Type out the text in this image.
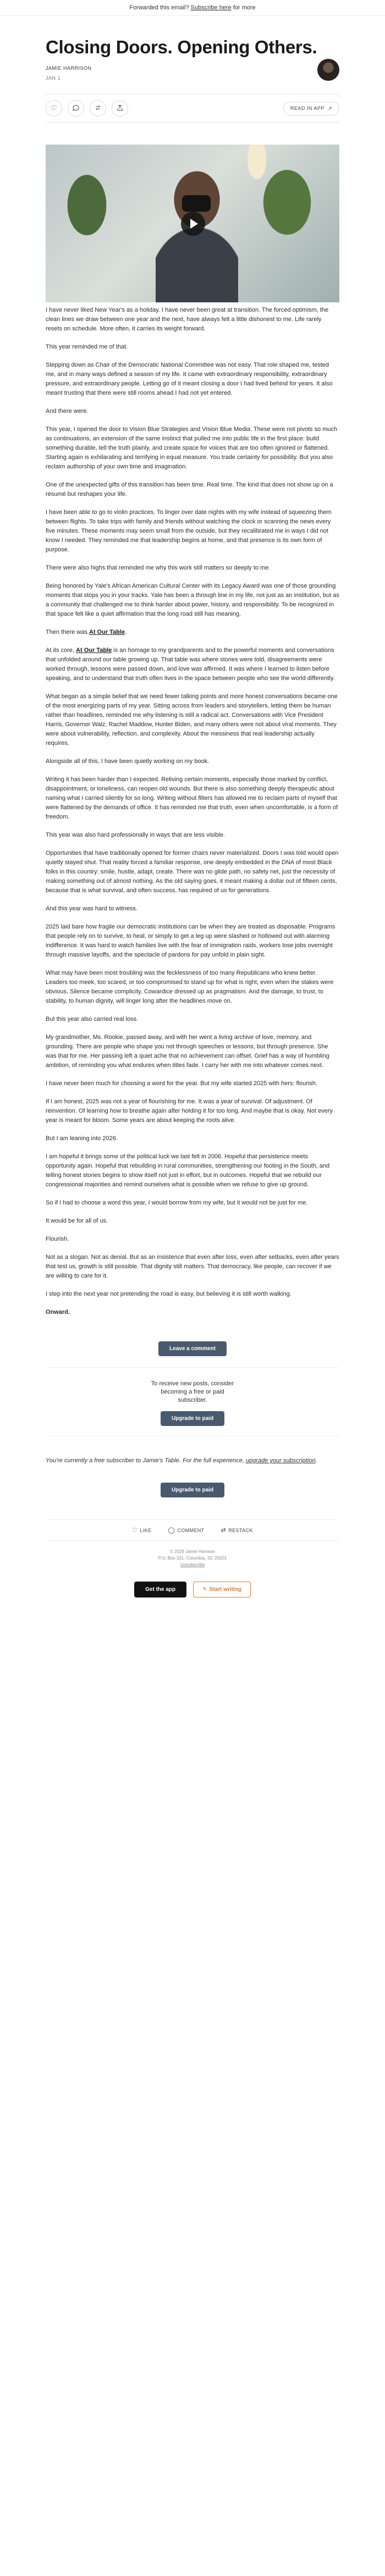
Forwarded this email? Subscribe here for more
Closing Doors. Opening Others.
JAMIE HARRISON
JAN 1
♡	READ IN APP ↗

I have never liked New Year's as a holiday. I have never been great at transition. The forced optimism, the clean lines we draw between one year and the next, have always felt a little dishonest to me. Life rarely resets on schedule. More often, it carries its weight forward.

This year reminded me of that.

Stepping down as Chair of the Democratic National Committee was not easy. That role shaped me, tested me, and in many ways defined a season of my life. It came with extraordinary responsibility, extraordinary pressure, and extraordinary people. Letting go of it meant closing a door I had lived behind for years. It also meant trusting that there were still rooms ahead I had not yet entered.

And there were.

This year, I opened the door to Vision Blue Strategies and Vision Blue Media. These were not pivots so much as continuations, an extension of the same instinct that pulled me into public life in the first place: build something durable, tell the truth plainly, and create space for voices that are too often ignored or flattened. Starting again is exhilarating and terrifying in equal measure. You trade certainty for possibility. But you also reclaim authorship of your own time and imagination.

One of the unexpected gifts of this transition has been time. Real time. The kind that does not show up on a résumé but reshapes your life.

I have been able to go to violin practices. To linger over date nights with my wife instead of squeezing them between flights. To take trips with family and friends without watching the clock or scanning the news every five minutes. These moments may seem small from the outside, but they recalibrated me in ways I did not know I needed. They reminded me that leadership begins at home, and that presence is its own form of purpose.

There were also highs that reminded me why this work still matters so deeply to me.

Being honored by Yale's African American Cultural Center with its Legacy Award was one of those grounding moments that stops you in your tracks. Yale has been a through line in my life, not just as an institution, but as a community that challenged me to think harder about power, history, and responsibility. To be recognized in that space felt like a quiet affirmation that the long road still has meaning.

Then there was At Our Table.

At its core, At Our Table is an homage to my grandparents and to the powerful moments and conversations that unfolded around our table growing up. That table was where stories were told, disagreements were worked through, lessons were passed down, and love was affirmed. It was where I learned to listen before speaking, and to understand that truth often lives in the space between people who see the world differently.

What began as a simple belief that we need fewer talking points and more honest conversations became one of the most energizing parts of my year. Sitting across from leaders and storytellers, letting them be human rather than headlines, reminded me why listening is still a radical act. Conversations with Vice President Harris, Governor Walz, Rachel Maddow, Hunter Biden, and many others were not about viral moments. They were about vulnerability, reflection, and complexity. About the messiness that real leadership actually requires.

Alongside all of this, I have been quietly working on my book.

Writing it has been harder than I expected. Reliving certain moments, especially those marked by conflict, disappointment, or loneliness, can reopen old wounds. But there is also something deeply therapeutic about naming what I carried silently for so long. Writing without filters has allowed me to reclaim parts of myself that were flattened by the demands of office. It has reminded me that truth, even when uncomfortable, is a form of freedom.

This year was also hard professionally in ways that are less visible.

Opportunities that have traditionally opened for former chairs never materialized. Doors I was told would open quietly stayed shut. That reality forced a familiar response, one deeply embedded in the DNA of most Black folks in this country: smile, hustle, adapt, create. There was no glide path, no safety net, just the necessity of making something out of almost nothing. As the old saying goes, it meant making a dollar out of fifteen cents, because that is what survival, and often success, has required of us for generations.

And this year was hard to witness.

2025 laid bare how fragile our democratic institutions can be when they are treated as disposable. Programs that people rely on to survive, to heal, or simply to get a leg up were slashed or hollowed out with alarming indifference. It was hard to watch families live with the fear of immigration raids, workers lose jobs overnight through massive layoffs, and the spectacle of pardons for pay unfold in plain sight.

What may have been most troubling was the fecklessness of too many Republicans who knew better. Leaders too meek, too scared, or too compromised to stand up for what is right, even when the stakes were obvious. Silence became complicity. Cowardice dressed up as pragmatism. And the damage, to trust, to stability, to human dignity, will linger long after the headlines move on.

But this year also carried real loss.

My grandmother, Ms. Rookie, passed away, and with her went a living archive of love, memory, and grounding. There are people who shape you not through speeches or lessons, but through presence. She was that for me. Her passing left a quiet ache that no achievement can offset. Grief has a way of humbling ambition, of reminding you what endures when titles fade. I carry her with me into whatever comes next.

I have never been much for choosing a word for the year. But my wife started 2025 with hers: flourish.

If I am honest, 2025 was not a year of flourishing for me. It was a year of survival. Of adjustment. Of reinvention. Of learning how to breathe again after holding it for too long. And maybe that is okay. Not every year is meant for bloom. Some years are about keeping the roots alive.

But I am leaning into 2026.

I am hopeful it brings some of the political luck we last felt in 2006. Hopeful that persistence meets opportunity again. Hopeful that rebuilding in rural communities, strengthening our footing in the South, and telling honest stories begins to show itself not just in effort, but in outcomes. Hopeful that we rebuild our congressional majorities and remind ourselves what is possible when we refuse to give up ground.

So if I had to choose a word this year, I would borrow from my wife, but it would not be just for me.

It would be for all of us.

Flourish.

Not as a slogan. Not as denial. But as an insistence that even after loss, even after setbacks, even after years that test us, growth is still possible. That dignity still matters. That democracy, like people, can recover if we are willing to care for it.

I step into the next year not pretending the road is easy, but believing it is still worth walking.

Onward.

Leave a comment
To receive new posts, consider becoming a free or paid subscriber.
Upgrade to paid
You're currently a free subscriber to Jamie's Table. For the full experience, upgrade your subscription.
Upgrade to paid
♡ LIKE	◯ COMMENT	⇄ RESTACK
© 2026 Jamie Harrison
P.O. Box 321, Columbia, SC 29201
Unsubscribe
Get the app	✎ Start writing
